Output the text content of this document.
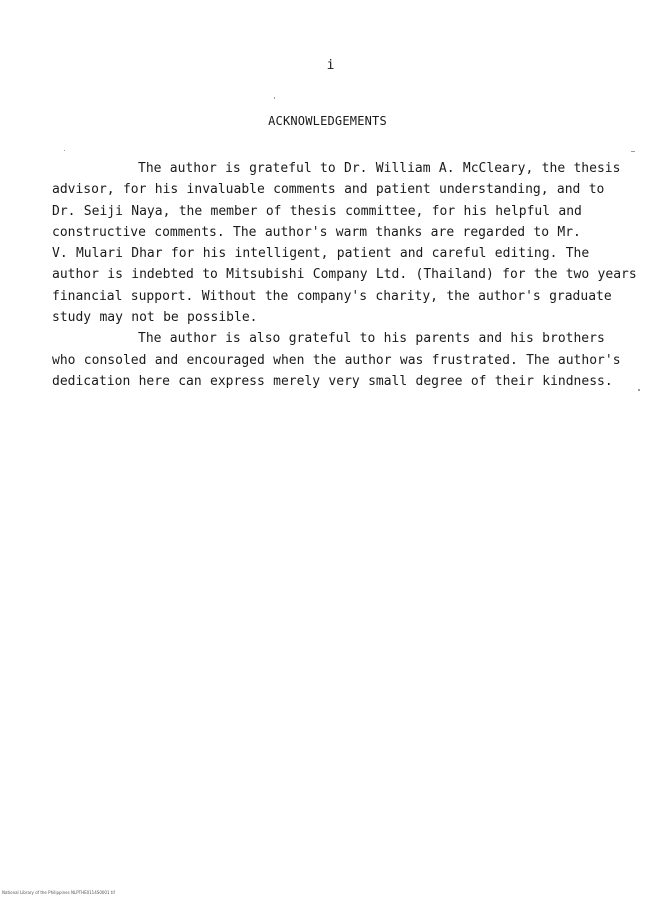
i
ACKNOWLEDGEMENTS
The author is grateful to Dr. William A. McCleary, the thesis
advisor, for his invaluable comments and patient understanding, and to
Dr. Seiji Naya, the member of thesis committee, for his helpful and
constructive comments. The author's warm thanks are regarded to Mr.
V. Mulari Dhar for his intelligent, patient and careful editing. The
author is indebted to Mitsubishi Company Ltd. (Thailand) for the two years
financial support. Without the company's charity, the author's graduate
study may not be possible.
The author is also grateful to his parents and his brothers
who consoled and encouraged when the author was frustrated. The author's
dedication here can express merely very small degree of their kindness.
National Library of the Philippines NLPTHE0114S0001 tif
